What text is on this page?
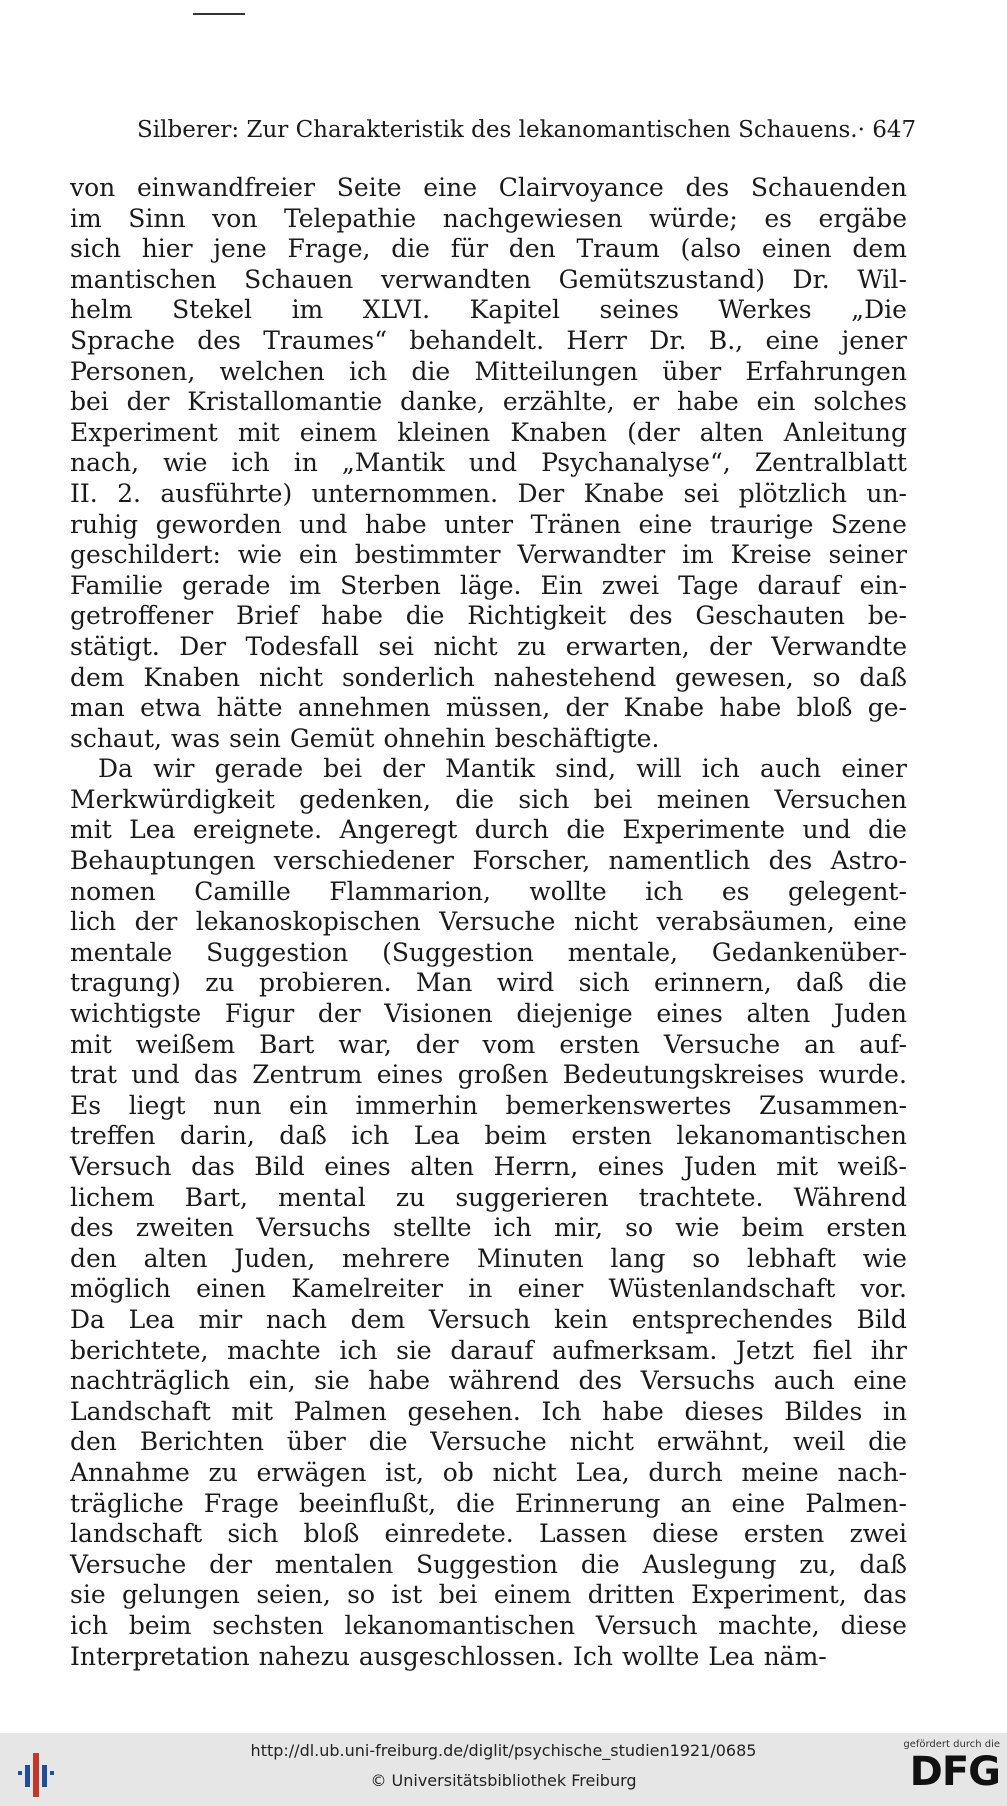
Silberer: Zur Charakteristik des lekanomantischen Schauens. · 647
von einwandfreier Seite eine Clairvoyance des Schauenden
im Sinn von Telepathie nachgewiesen würde; es ergäbe
sich hier jene Frage, die für den Traum (also einen dem
mantischen Schauen verwandten Gemütszustand) Dr. Wil-
helm Stekel im XLVI. Kapitel seines Werkes „Die
Sprache des Traumes“ behandelt. Herr Dr. B., eine jener
Personen, welchen ich die Mitteilungen über Erfahrungen
bei der Kristallomantie danke, erzählte, er habe ein solches
Experiment mit einem kleinen Knaben (der alten Anleitung
nach, wie ich in „Mantik und Psychanalyse“, Zentralblatt
II. 2. ausführte) unternommen. Der Knabe sei plötzlich un-
ruhig geworden und habe unter Tränen eine traurige Szene
geschildert: wie ein bestimmter Verwandter im Kreise seiner
Familie gerade im Sterben läge. Ein zwei Tage darauf ein-
getroffener Brief habe die Richtigkeit des Geschauten be-
stätigt. Der Todesfall sei nicht zu erwarten, der Verwandte
dem Knaben nicht sonderlich nahestehend gewesen, so daß
man etwa hätte annehmen müssen, der Knabe habe bloß ge-
schaut, was sein Gemüt ohnehin beschäftigte.
Da wir gerade bei der Mantik sind, will ich auch einer
Merkwürdigkeit gedenken, die sich bei meinen Versuchen
mit Lea ereignete. Angeregt durch die Experimente und die
Behauptungen verschiedener Forscher, namentlich des Astro-
nomen Camille Flammarion, wollte ich es gelegent-
lich der lekanoskopischen Versuche nicht verabsäumen, eine
mentale Suggestion (Suggestion mentale, Gedankenüber-
tragung) zu probieren. Man wird sich erinnern, daß die
wichtigste Figur der Visionen diejenige eines alten Juden
mit weißem Bart war, der vom ersten Versuche an auf-
trat und das Zentrum eines großen Bedeutungskreises wurde.
Es liegt nun ein immerhin bemerkenswertes Zusammen-
treffen darin, daß ich Lea beim ersten lekanomantischen
Versuch das Bild eines alten Herrn, eines Juden mit weiß-
lichem Bart, mental zu suggerieren trachtete. Während
des zweiten Versuchs stellte ich mir, so wie beim ersten
den alten Juden, mehrere Minuten lang so lebhaft wie
möglich einen Kamelreiter in einer Wüstenlandschaft vor.
Da Lea mir nach dem Versuch kein entsprechendes Bild
berichtete, machte ich sie darauf aufmerksam. Jetzt fiel ihr
nachträglich ein, sie habe während des Versuchs auch eine
Landschaft mit Palmen gesehen. Ich habe dieses Bildes in
den Berichten über die Versuche nicht erwähnt, weil die
Annahme zu erwägen ist, ob nicht Lea, durch meine nach-
trägliche Frage beeinflußt, die Erinnerung an eine Palmen-
landschaft sich bloß einredete. Lassen diese ersten zwei
Versuche der mentalen Suggestion die Auslegung zu, daß
sie gelungen seien, so ist bei einem dritten Experiment, das
ich beim sechsten lekanomantischen Versuch machte, diese
Interpretation nahezu ausgeschlossen. Ich wollte Lea näm-
http://dl.ub.uni-freiburg.de/diglit/psychische_studien1921/0685
© Universitätsbibliothek Freiburg
gefördert durch die
DFG
